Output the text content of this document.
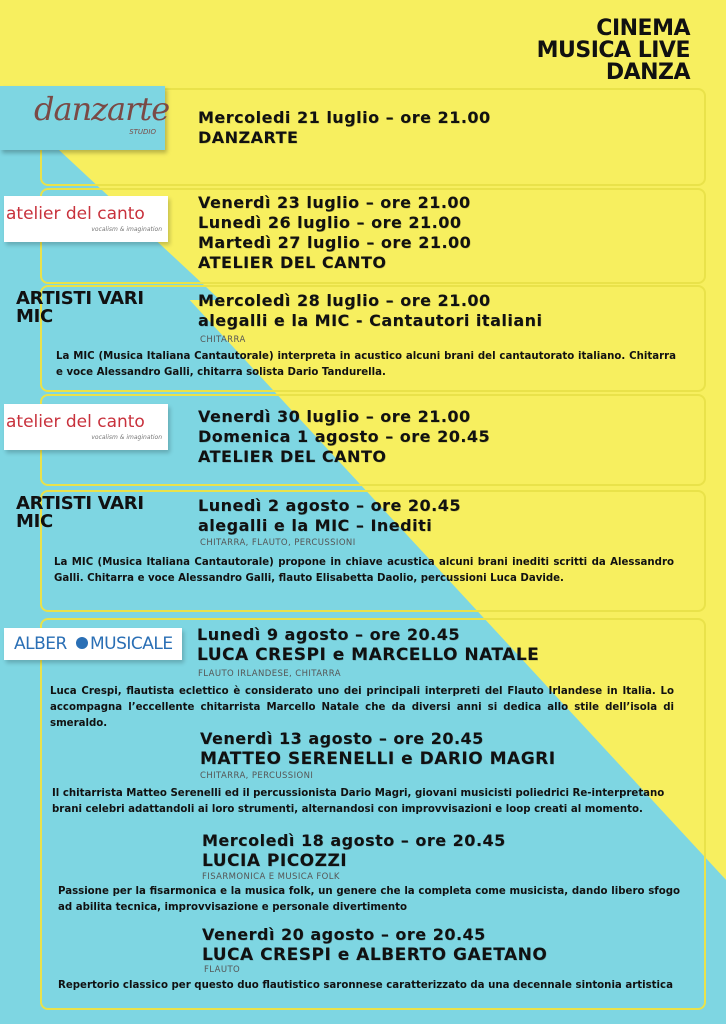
CINEMA
MUSICA LIVE
DANZA
danzarte
STUDIO
Mercoledi 21 luglio – ore 21.00
DANZARTE
atelier del canto
vocalism & imagination
Venerdì 23 luglio – ore 21.00
Lunedì 26 luglio – ore 21.00
Martedì 27 luglio – ore 21.00
ATELIER DEL CANTO
ARTISTI VARI
MIC
Mercoledì 28 luglio – ore 21.00
alegalli e la MIC - Cantautori italiani
CHITARRA
La MIC (Musica Italiana Cantautorale) interpreta in acustico alcuni brani del cantautorato italiano. Chitarra e voce Alessandro Galli, chitarra solista Dario Tandurella.
atelier del canto
vocalism & imagination
Venerdì 30 luglio – ore 21.00
Domenica 1 agosto – ore 20.45
ATELIER DEL CANTO
ARTISTI VARI
MIC
Lunedì 2 agosto – ore 20.45
alegalli e la MIC – Inediti
CHITARRA, FLAUTO, PERCUSSIONI
La MIC (Musica Italiana Cantautorale) propone in chiave acustica alcuni brani inediti scritti da Alessandro Galli. Chitarra e voce Alessandro Galli, flauto Elisabetta Daolio, percussioni Luca Davide.
ALBER MUSICALE Lunedì 9 agosto – ore 20.45
LUCA CRESPI e MARCELLO NATALE
FLAUTO IRLANDESE, CHITARRA
Luca Crespi, flautista eclettico è considerato uno dei principali interpreti del Flauto Irlandese in Italia. Lo accompagna l’eccellente chitarrista Marcello Natale che da diversi anni si dedica allo stile dell’isola di smeraldo.
Venerdì 13 agosto – ore 20.45
MATTEO SERENELLI e DARIO MAGRI
CHITARRA, PERCUSSIONI
Il chitarrista Matteo Serenelli ed il percussionista Dario Magri, giovani musicisti poliedrici Re-interpretano brani celebri adattandoli ai loro strumenti, alternandosi con improvvisazioni e loop creati al momento.
Mercoledì 18 agosto – ore 20.45
LUCIA PICOZZI
FISARMONICA E MUSICA FOLK
Passione per la fisarmonica e la musica folk, un genere che la completa come musicista, dando libero sfogo ad abilita tecnica, improvvisazione e personale divertimento
Venerdì 20 agosto – ore 20.45
LUCA CRESPI e ALBERTO GAETANO
FLAUTO
Repertorio classico per questo duo flautistico saronnese caratterizzato da una decennale sintonia artistica
